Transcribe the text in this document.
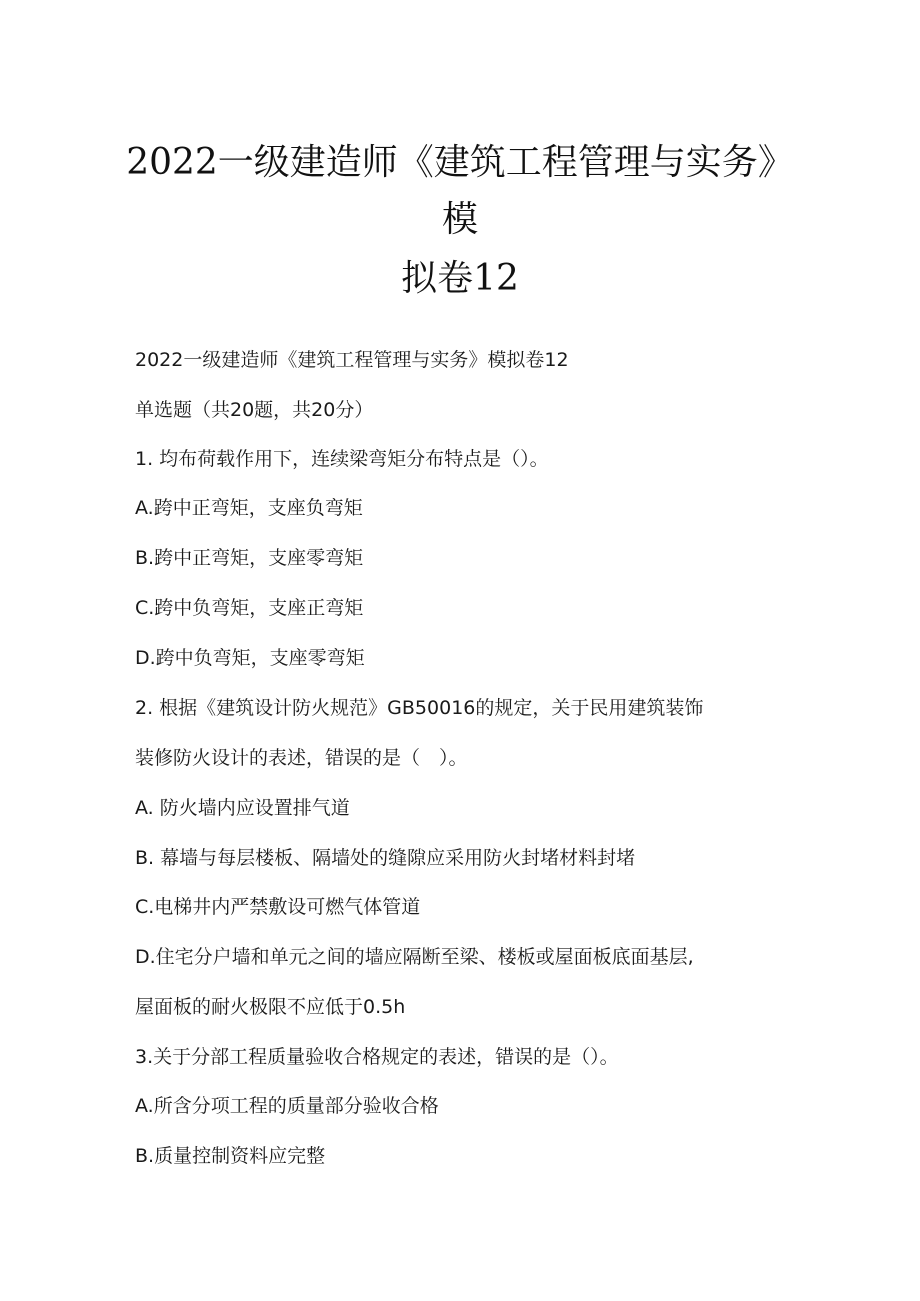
2022一级建造师《建筑工程管理与实务》
模
拟卷12

2022一级建造师《建筑工程管理与实务》模拟卷12

单选题（共20题，共20分）

1. 均布荷载作用下，连续梁弯矩分布特点是（）。

A.跨中正弯矩，支座负弯矩

B.跨中正弯矩，支座零弯矩

C.跨中负弯矩，支座正弯矩

D.跨中负弯矩，支座零弯矩

2. 根据《建筑设计防火规范》GB50016的规定，关于民用建筑装饰

装修防火设计的表述，错误的是（　）。

A. 防火墙内应设置排气道

B. 幕墙与每层楼板、隔墙处的缝隙应采用防火封堵材料封堵

C.电梯井内严禁敷设可燃气体管道

D.住宅分户墙和单元之间的墙应隔断至梁、楼板或屋面板底面基层,

屋面板的耐火极限不应低于0.5h

3.关于分部工程质量验收合格规定的表述，错误的是（）。

A.所含分项工程的质量部分验收合格

B.质量控制资料应完整
